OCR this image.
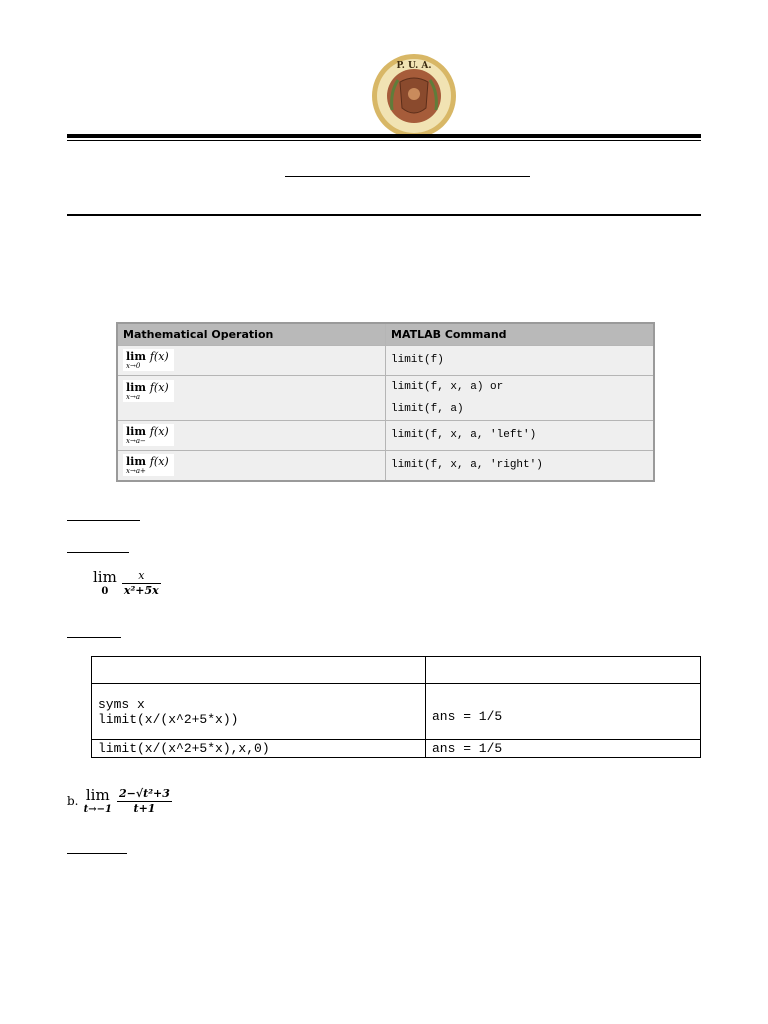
P. U. A.
Mathematical Operation	MATLAB Command
lim f(x)
x→0	limit(f)
lim f(x)
x→a	limit(f, x, a) or
limit(f, a)

lim f(x)
x→a−	limit(f, x, a, 'left')
lim f(x)
x→a+	limit(f, x, a, 'right')
lim
0
	$\frac{x}{\text{x²+5x}}$

syms x
limit(x/(x^2+5*x))	ans = 1/5
limit(x/(x^2+5*x),x,0)	ans = 1/5
b. lim
t→−1
$\frac{\text{2−√t²+3}}{t+1}$
